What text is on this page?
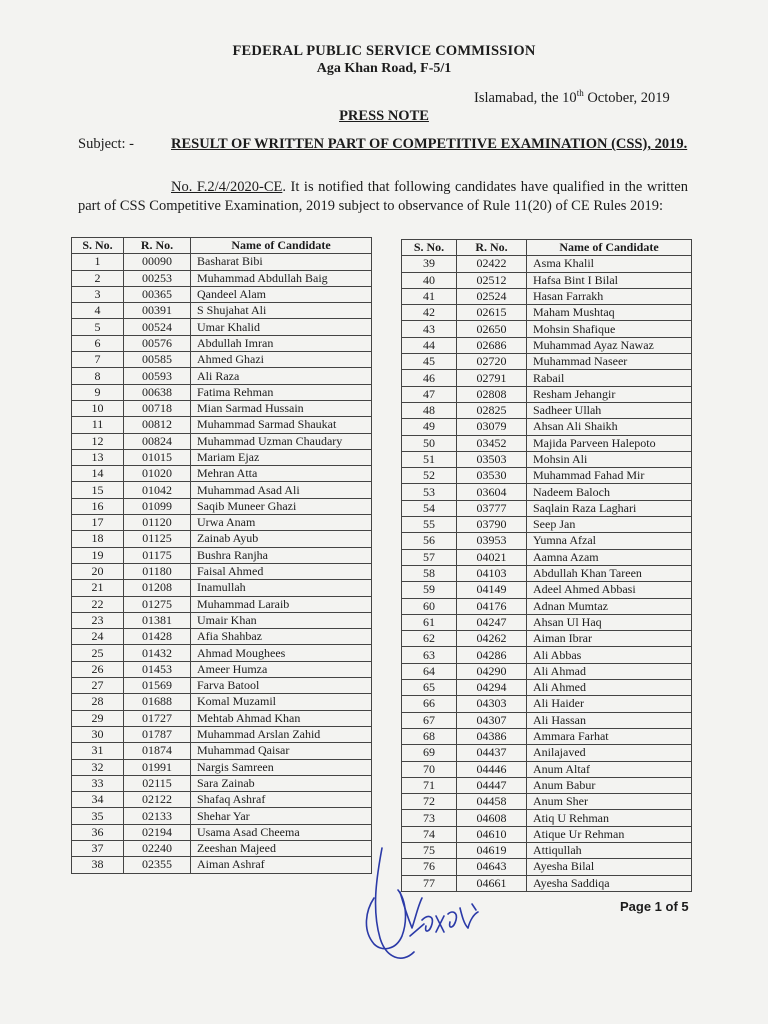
FEDERAL PUBLIC SERVICE COMMISSION
Aga Khan Road, F-5/1
Islamabad, the 10th October, 2019
PRESS NOTE
Subject: -	RESULT OF WRITTEN PART OF COMPETITIVE EXAMINATION (CSS), 2019.
No. F.2/4/2020-CE. It is notified that following candidates have qualified in the written part of CSS Competitive Examination, 2019 subject to observance of Rule 11(20) of CE Rules 2019:
S. No.	R. No.	Name of Candidate
1	00090	Basharat Bibi
2	00253	Muhammad Abdullah Baig
3	00365	Qandeel Alam
4	00391	S Shujahat Ali
5	00524	Umar Khalid
6	00576	Abdullah Imran
7	00585	Ahmed Ghazi
8	00593	Ali Raza
9	00638	Fatima Rehman
10	00718	Mian Sarmad Hussain
11	00812	Muhammad Sarmad Shaukat
12	00824	Muhammad Uzman Chaudary
13	01015	Mariam Ejaz
14	01020	Mehran Atta
15	01042	Muhammad Asad Ali
16	01099	Saqib Muneer Ghazi
17	01120	Urwa Anam
18	01125	Zainab Ayub
19	01175	Bushra Ranjha
20	01180	Faisal Ahmed
21	01208	Inamullah
22	01275	Muhammad Laraib
23	01381	Umair Khan
24	01428	Afia Shahbaz
25	01432	Ahmad Moughees
26	01453	Ameer Humza
27	01569	Farva Batool
28	01688	Komal Muzamil
29	01727	Mehtab Ahmad Khan
30	01787	Muhammad Arslan Zahid
31	01874	Muhammad Qaisar
32	01991	Nargis Samreen
33	02115	Sara Zainab
34	02122	Shafaq Ashraf
35	02133	Shehar Yar
36	02194	Usama Asad Cheema
37	02240	Zeeshan Majeed
38	02355	Aiman Ashraf
S. No.	R. No.	Name of Candidate
39	02422	Asma Khalil
40	02512	Hafsa Bint I Bilal
41	02524	Hasan Farrakh
42	02615	Maham Mushtaq
43	02650	Mohsin Shafique
44	02686	Muhammad Ayaz Nawaz
45	02720	Muhammad Naseer
46	02791	Rabail
47	02808	Resham Jehangir
48	02825	Sadheer Ullah
49	03079	Ahsan Ali Shaikh
50	03452	Majida Parveen Halepoto
51	03503	Mohsin Ali
52	03530	Muhammad Fahad Mir
53	03604	Nadeem Baloch
54	03777	Saqlain Raza Laghari
55	03790	Seep Jan
56	03953	Yumna Afzal
57	04021	Aamna Azam
58	04103	Abdullah Khan Tareen
59	04149	Adeel Ahmed Abbasi
60	04176	Adnan Mumtaz
61	04247	Ahsan Ul Haq
62	04262	Aiman Ibrar
63	04286	Ali Abbas
64	04290	Ali Ahmad
65	04294	Ali Ahmed
66	04303	Ali Haider
67	04307	Ali Hassan
68	04386	Ammara Farhat
69	04437	Anilajaved
70	04446	Anum Altaf
71	04447	Anum Babur
72	04458	Anum Sher
73	04608	Atiq U Rehman
74	04610	Atique Ur Rehman
75	04619	Attiqullah
76	04643	Ayesha Bilal
77	04661	Ayesha Saddiqa
Page 1 of 5
